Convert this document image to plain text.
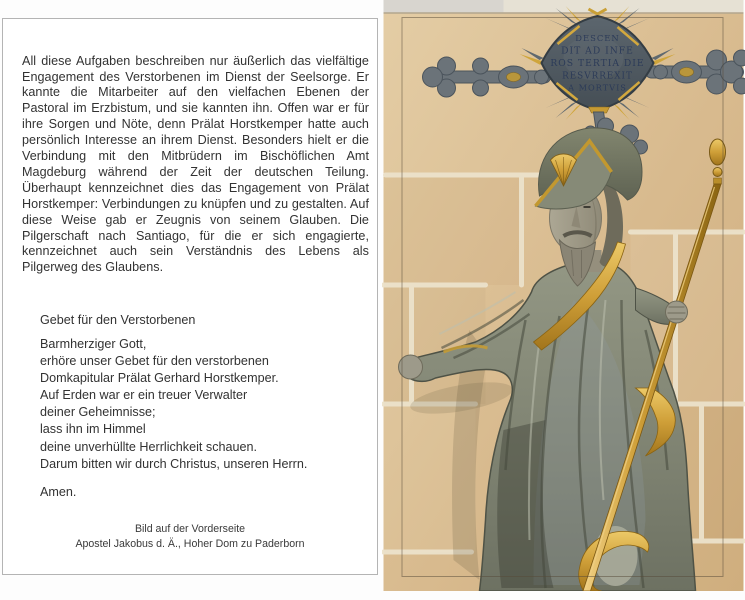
All diese Aufgaben beschreiben nur äußerlich das vielfältige Engagement des Verstorbenen im Dienst der Seelsorge. Er kannte die Mitarbeiter auf den vielfachen Ebenen der Pastoral im Erzbistum, und sie kannten ihn. Offen war er für ihre Sorgen und Nöte, denn Prälat Horstkemper hatte auch persönlich Interesse an ihrem Dienst. Besonders hielt er die Verbindung mit den Mitbrüdern im Bischöflichen Amt Magdeburg während der Zeit der deutschen Teilung. Überhaupt kennzeichnet dies das Engagement von Prälat Horstkemper: Verbindungen zu knüpfen und zu gestalten. Auf diese Weise gab er Zeugnis von seinem Glauben. Die Pilgerschaft nach Santiago, für die er sich engagierte, kennzeichnet auch sein Verständnis des Lebens als Pilgerweg des Glaubens.

Gebet für den Verstorbenen
Barmherziger Gott,
erhöre unser Gebet für den verstorbenen
Domkapitular Prälat Gerhard Horstkemper.
Auf Erden war er ein treuer Verwalter
deiner Geheimnisse;
lass ihn im Himmel
deine unverhüllte Herrlichkeit schauen.
Darum bitten wir durch Christus, unseren Herrn.
Amen.
Bild auf der Vorderseite
Apostel Jakobus d. Ä., Hoher Dom zu Paderborn
DESCEN
DIT AD INFE
ROS TERTIA DIE
RESVRREXIT
A MORTVIS
